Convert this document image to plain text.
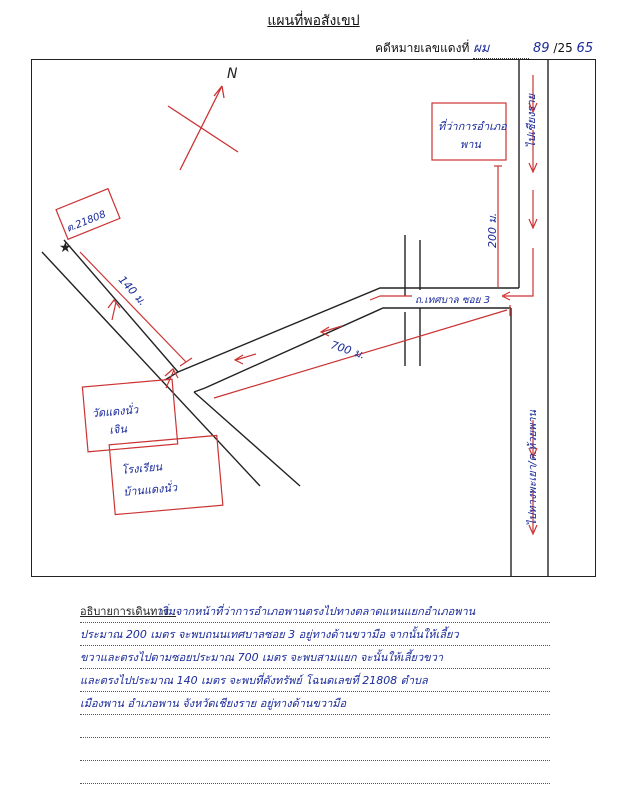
แผนที่พอสังเขป
คดีหมายเลขแดงที่ ผม	89 /25 65
N
ที่ว่าการอำเภอ
พาน	ไปเชียงราย
ไปทางพะเยา/ต.ห้วยพาน
200 ม.
ถ.เทศบาล ซอย 3
700 ม.
140 ม.
ต.21808
★
วัดแดงนั่ว
เจิน
โรงเรียน
บ้านแดงนั่ว
อธิบายการเดินทาง :
เริ่มจากหน้าที่ว่าการอำเภอพานตรงไปทางตลาดแหนแยกอำเภอพาน
ประมาณ 200 เมตร จะพบถนนเทศบาลซอย 3 อยู่ทางด้านขวามือ จากนั้นให้เลี้ยว
ขวาและตรงไปตามซอยประมาณ 700 เมตร จะพบสามแยก จะนั้นให้เลี้ยวขวา
และตรงไปประมาณ 140 เมตร จะพบที่ดังทรัพย์ โฉนดเลขที่ 21808 ตำบล
เมืองพาน อำเภอพาน จังหวัดเชียงราย อยู่ทางด้านขวามือ
